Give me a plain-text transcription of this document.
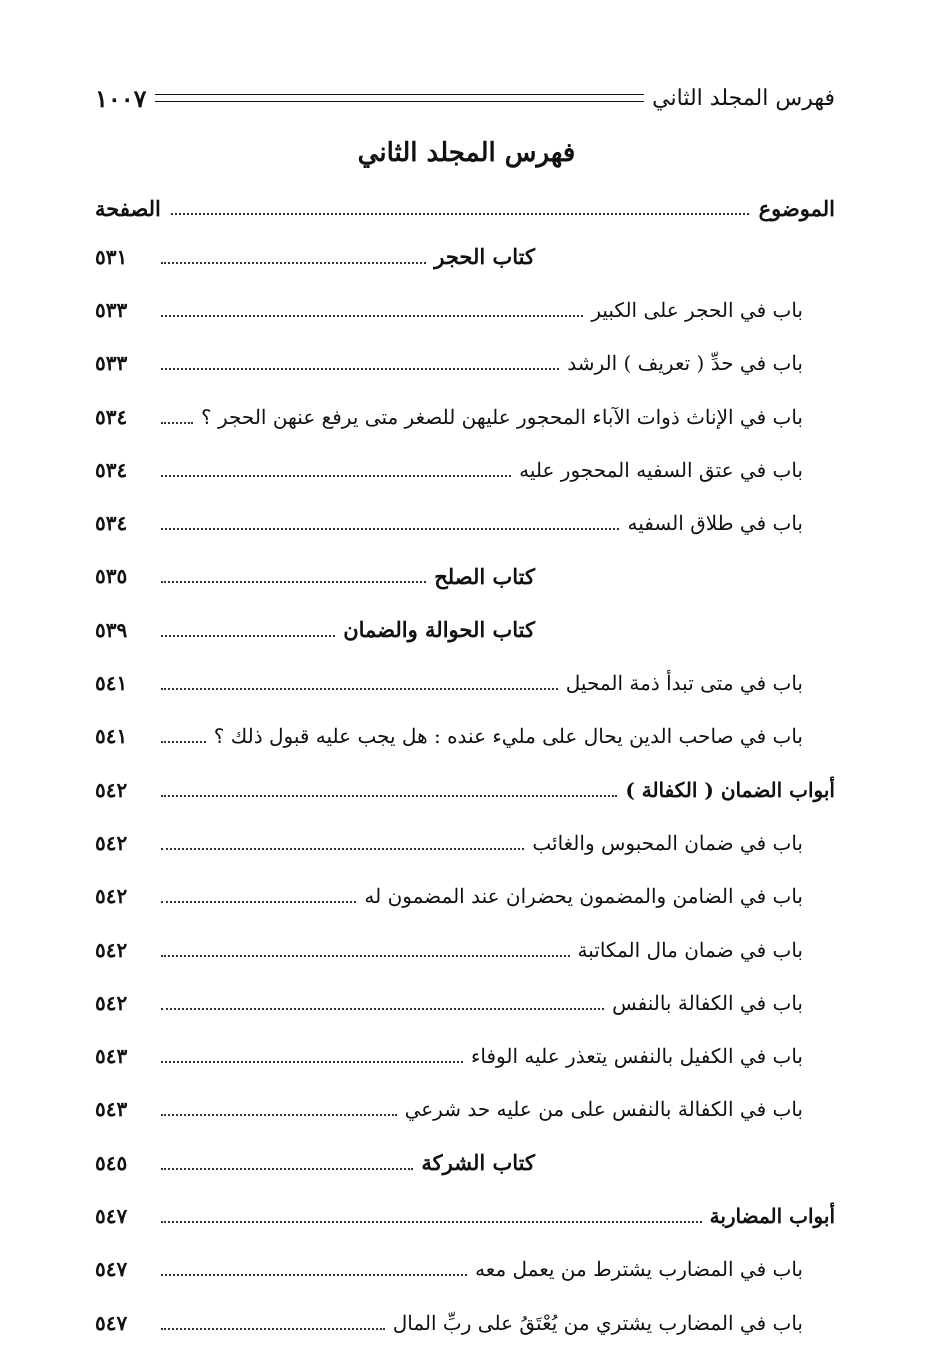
فهرس المجلد الثاني
١٠٠٧
فهرس المجلد الثاني
الموضوع
الصفحة
كتاب الحجر
٥٣١
باب في الحجر على الكبير
٥٣٣
باب في حدِّ ( تعريف ) الرشد
٥٣٣
باب في الإناث ذوات الآباء المحجور عليهن للصغر متى يرفع عنهن الحجر ؟
٥٣٤
باب في عتق السفيه المحجور عليه
٥٣٤
باب في طلاق السفيه
٥٣٤
كتاب الصلح
٥٣٥
كتاب الحوالة والضمان
٥٣٩
باب في متى تبدأ ذمة المحيل
٥٤١
باب في صاحب الدين يحال على مليء عنده : هل يجب عليه قبول ذلك ؟
٥٤١
أبواب الضمان ( الكفالة )
٥٤٢
باب في ضمان المحبوس والغائب
٥٤٢
باب في الضامن والمضمون يحضران عند المضمون له
٥٤٢
باب في ضمان مال المكاتبة
٥٤٢
باب في الكفالة بالنفس
٥٤٢
باب في الكفيل بالنفس يتعذر عليه الوفاء
٥٤٣
باب في الكفالة بالنفس على من عليه حد شرعي
٥٤٣
كتاب الشركة
٥٤٥
أبواب المضاربة
٥٤٧
باب في المضارب يشترط من يعمل معه
٥٤٧
باب في المضارب يشتري من يُعْتَقُ على ربِّ المال
٥٤٧
